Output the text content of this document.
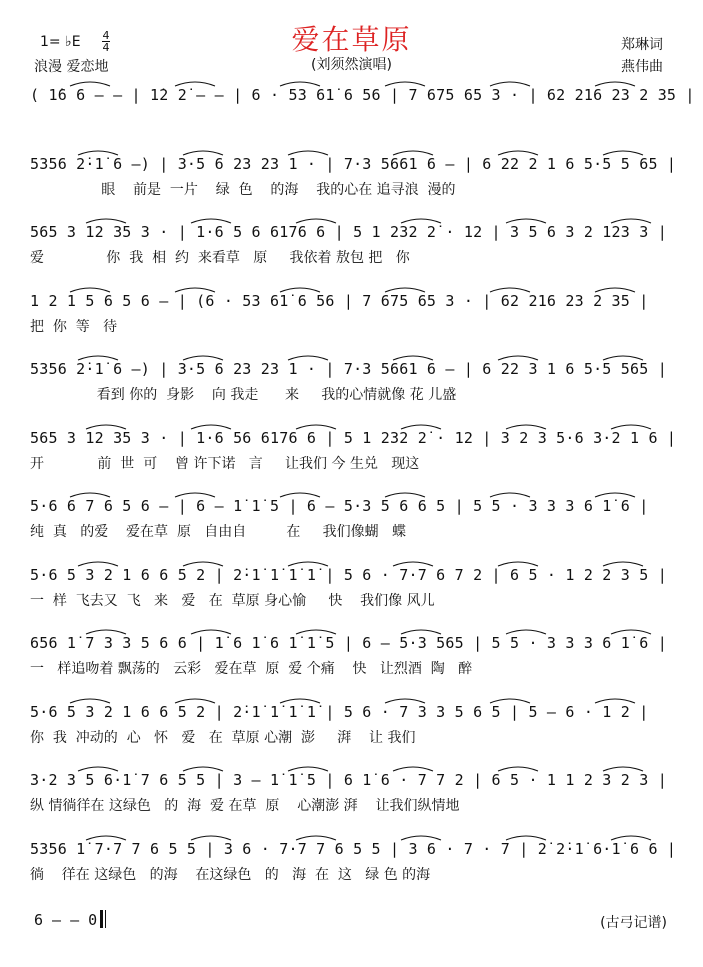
爱在草原
(刘须然演唱)
1= ♭E 4
4
浪漫 爱恋地
郑琳词
燕伟曲
( 1̇6 6 – – | 1̇2 2̇ – – | 6 · 53 61̇ 6 56 | 7 675 65 3 · | 62 216 23 2 35 |
5356 2̇·1̇ 6 –) | 3·5 6 23 23 1 · | 7·3 5661 6 – | 6 22 2 1 6 5·5 5 65 |
眼    前是  一片    绿  色    的海    我的心在 追寻浪  漫的
565 3 12 35 3 · | 1·6 5 6 6176 6 | 5 1 232 2̇ · 12 | 3 5 6 3 2 123 3 |
爱              你  我  相  约  来看草   原     我依着 敖包 把   你
1 2 1 5 6 5 6 – | (6 · 53 61̇ 6 56 | 7 675 65 3 · | 62 216 23 2 35 |
把  你  等   待
5356 2̇·1̇ 6 –) | 3·5 6 23 23 1 · | 7·3 5661 6 – | 6 22 3 1 6 5·5 565 |
看到 你的  身影    向 我走      来     我的心情就像 花 儿盛
565 3 12 35 3 · | 1·6 56 6176 6 | 5 1 232 2̇ · 12 | 3 2 3 5·6 3·2 1 6 |
开            前  世  可    曾 许下诺   言     让我们 今 生兑   现这
5·6 6 7 6 5 6 – | 6 – 1̇ 1̇ 5 | 6 – 5·3 5 6 6 5 | 5 5 · 3 3 3 6 1̇ 6 |
纯  真   的爱    爱在草  原   自由自         在     我们像蝴   蝶
5·6 5 3 2 1 6 6 5 2 | 2̇·1̇ 1̇ 1̇ 1̇ | 5 6 · 7·7 6 7 2 | 6 5 · 1 2 2 3 5 |
一  样  飞去又  飞   来   爱   在  草原 身心愉     快    我们像 风儿
656 1̇ 7 3 3 5 6 6 | 1̇ 6 1̇ 6 1̇ 1̇ 5 | 6 – 5·3 565 | 5 5 · 3 3 3 6 1̇ 6 |
一   样追吻着 飘荡的   云彩   爱在草  原  爱 个痛    快   让烈酒  陶   醉
5·6 5 3 2 1 6 6 5 2 | 2̇·1̇ 1̇ 1̇ 1̇ | 5 6 · 7 3 3 5 6 5 | 5 – 6 · 1 2 |
你  我  冲动的  心   怀   爱   在  草原 心潮  澎     湃    让 我们
3·2 3 5 6·1̇ 7 6 5 5 | 3 – 1̇ 1̇ 5 | 6 1̇ 6 · 7 7 2 | 6 5 · 1 1 2 3 2 3 |
纵 情徜徉在 这绿色   的  海  爱 在草  原    心潮澎 湃    让我们纵情地
5356 1̇ 7·7 7 6 5 5 | 3 6 · 7·7 7 6 5 5 | 3 6 · 7 · 7 | 2̇ 2̇·1̇ 6·1̇ 6 6 |
徜    徉在 这绿色   的海    在这绿色   的   海  在  这   绿 色 的海
6 – – 0	(古弓记谱)
